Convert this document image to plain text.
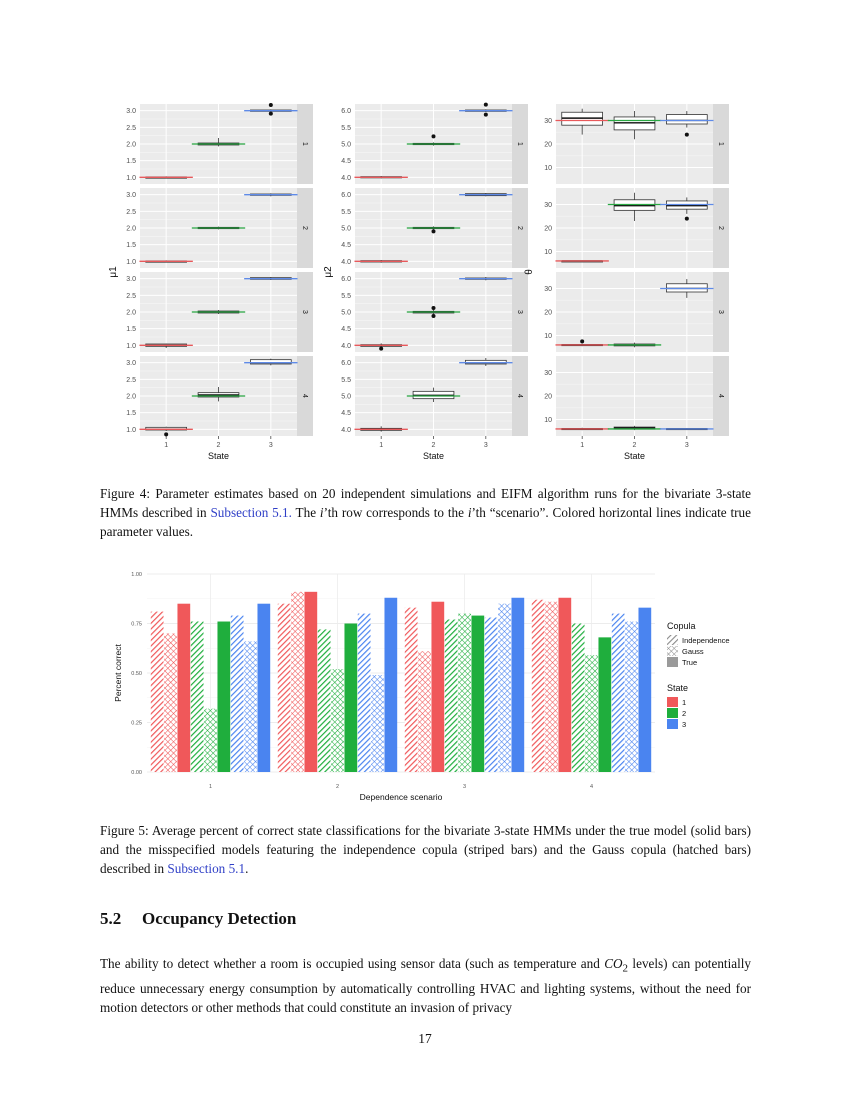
1.0
1.5
2.0
2.5
3.0
1
1.0
1.5
2.0
2.5
3.0
2
1.0
1.5
2.0
2.5
3.0
3
1.0
1.5
2.0
2.5
3.0
4
1	2	3
State
μ1
4.0
4.5
5.0
5.5
6.0
1
4.0
4.5
5.0
5.5
6.0
2
4.0
4.5
5.0
5.5
6.0
3
4.0
4.5
5.0
5.5
6.0
4
1	2	3
State
μ2
10
20
30
1
10
20
30
2
10
20
30
3
10
20
30
4
1	2	3
State
θ
Figure 4: Parameter estimates based on 20 independent simulations and EIFM algorithm runs for the bivariate 3-state HMMs described in Subsection 5.1. The i’th row corresponds to the i’th “scenario”. Colored horizontal lines indicate true parameter values.
0.00
0.25
0.50
0.75
1.00
1	2	3	4
Dependence scenario
Percent correct
Copula
Independence
Gauss
True
State
1
2
3
Figure 5: Average percent of correct state classifications for the bivariate 3-state HMMs under the true model (solid bars) and the misspecified models featuring the independence copula (striped bars) and the Gauss copula (hatched bars) described in Subsection 5.1.
5.2 Occupancy Detection
The ability to detect whether a room is occupied using sensor data (such as temperature and $CO_2$ levels) can potentially reduce unnecessary energy consumption by automatically controlling HVAC and lighting systems, without the need for motion detectors or other methods that could constitute an invasion of privacy
17
